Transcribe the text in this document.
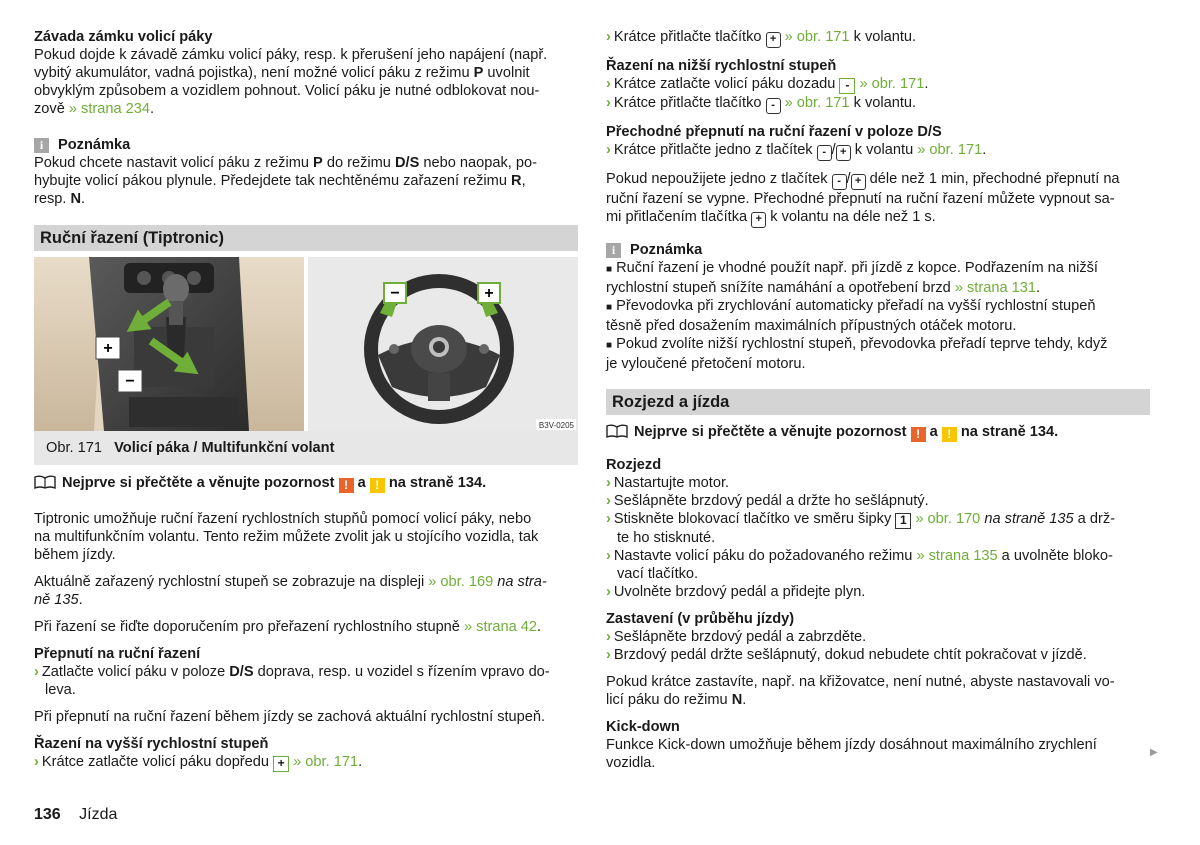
Závada zámku volicí páky

Pokud dojde k závadě zámku volicí páky, resp. k přerušení jeho napájení (např.

vybitý akumulátor, vadná pojistka), není možné volicí páku z režimu P uvolnit

obvyklým způsobem a vozidlem pohnout. Volicí páku je nutné odblokovat nou-

zově » strana 234.

i	Poznámka

Pokud chcete nastavit volicí páku z režimu P do režimu D/S nebo naopak, po-

hybujte volicí pákou plynule. Předejdete tak nechtěnému zařazení režimu R,

resp. N.

Ruční řazení (Tiptronic)
+
−
−	+
B3V-0205
Obr. 171 Volicí páka / Multifunkční volant

Nejprve si přečtěte a věnujte pozornost ! a ! na straně 134.

Tiptronic umožňuje ruční řazení rychlostních stupňů pomocí volicí páky, nebo

na multifunkčním volantu. Tento režim můžete zvolit jak u stojícího vozidla, tak

během jízdy.

Aktuálně zařazený rychlostní stupeň se zobrazuje na displeji » obr. 169 na stra-

ně 135.

Při řazení se řiďte doporučením pro přeřazení rychlostního stupně » strana 42.

Přepnutí na ruční řazení

› Zatlačte volicí páku v poloze D/S doprava, resp. u vozidel s řízením vpravo do-

leva.

Při přepnutí na ruční řazení během jízdy se zachová aktuální rychlostní stupeň.

Řazení na vyšší rychlostní stupeň

› Krátce zatlačte volicí páku dopředu + » obr. 171.

› Krátce přitlačte tlačítko + » obr. 171 k volantu.

Řazení na nižší rychlostní stupeň

› Krátce zatlačte volicí páku dozadu - » obr. 171.

› Krátce přitlačte tlačítko - » obr. 171 k volantu.

Přechodné přepnutí na ruční řazení v poloze D/S

› Krátce přitlačte jedno z tlačítek - / + k volantu » obr. 171.

Pokud nepoužijete jedno z tlačítek - / + déle než 1 min, přechodné přepnutí na

ruční řazení se vypne. Přechodné přepnutí na ruční řazení můžete vypnout sa-

mi přitlačením tlačítka + k volantu na déle než 1 s.

i	Poznámka

■ Ruční řazení je vhodné použít např. při jízdě z kopce. Podřazením na nižší

rychlostní stupeň snížíte namáhání a opotřebení brzd » strana 131.

■ Převodovka při zrychlování automaticky přeřadí na vyšší rychlostní stupeň

těsně před dosažením maximálních přípustných otáček motoru.

■ Pokud zvolíte nižší rychlostní stupeň, převodovka přeřadí teprve tehdy, když

je vyloučené přetočení motoru.

Rozjezd a jízda

Nejprve si přečtěte a věnujte pozornost ! a ! na straně 134.

Rozjezd

› Nastartujte motor.

› Sešlápněte brzdový pedál a držte ho sešlápnutý.

› Stiskněte blokovací tlačítko ve směru šipky 1 » obr. 170 na straně 135 a drž-

te ho stisknuté.

› Nastavte volicí páku do požadovaného režimu » strana 135 a uvolněte bloko-

vací tlačítko.

› Uvolněte brzdový pedál a přidejte plyn.

Zastavení (v průběhu jízdy)

› Sešlápněte brzdový pedál a zabrzděte.

› Brzdový pedál držte sešlápnutý, dokud nebudete chtít pokračovat v jízdě.

Pokud krátce zastavíte, např. na křižovatce, není nutné, abyste nastavovali vo-

licí páku do režimu N.

Kick-down

Funkce Kick-down umožňuje během jízdy dosáhnout maximálního zrychlení

vozidla.

▶
136 Jízda
